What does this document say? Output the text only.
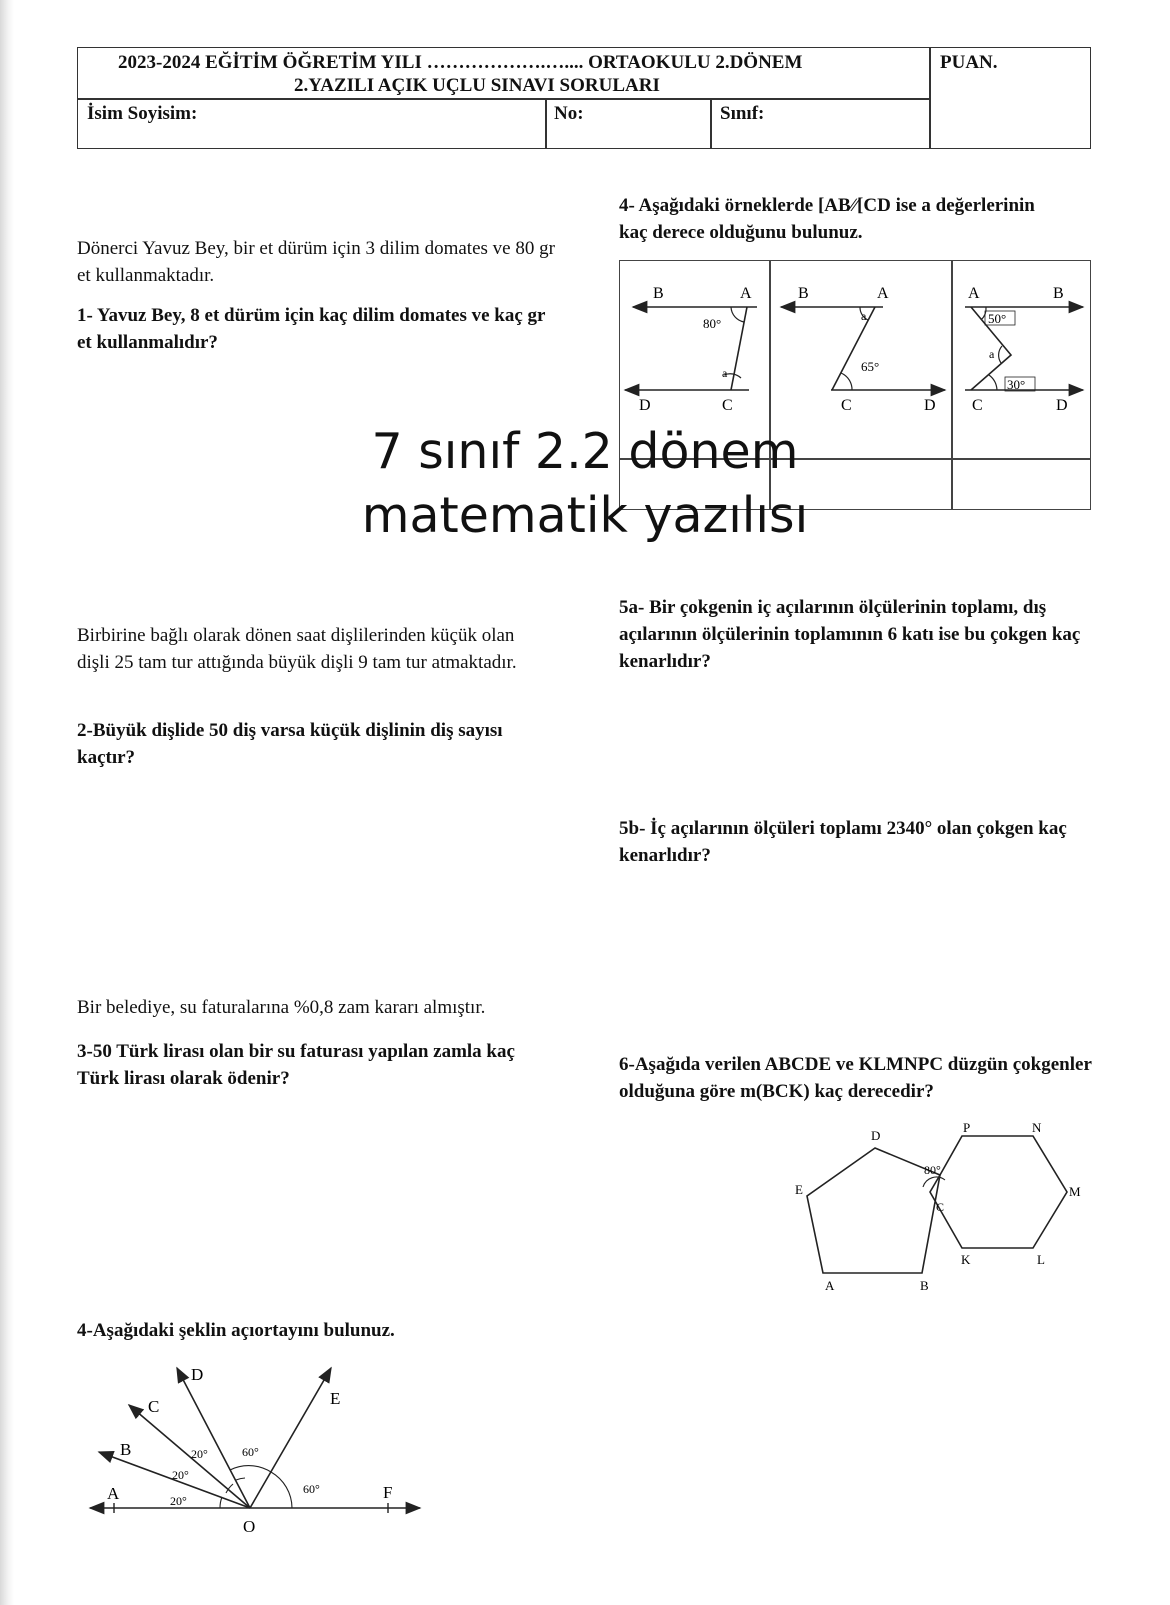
2023-2024 EĞİTİM ÖĞRETİM YILI ……………….….... ORTAOKULU 2.DÖNEM
2.YAZILI AÇIK UÇLU SINAVI SORULARI
PUAN.
İsim Soyisim:	No:	Sınıf:
Dönerci Yavuz Bey, bir et dürüm için 3 dilim domates ve 80 gr et kullanmaktadır.
1- Yavuz Bey, 8 et dürüm için kaç dilim domates ve kaç gr et kullanmalıdır?
Birbirine bağlı olarak dönen saat dişlilerinden küçük olan dişli 25 tam tur attığında büyük dişli 9 tam tur atmaktadır.
2-Büyük dişlide 50 diş varsa küçük dişlinin diş sayısı kaçtır?
Bir belediye, su faturalarına %0,8 zam kararı almıştır.
3-50 Türk lirası olan bir su faturası yapılan zamla kaç Türk lirası olarak ödenir?
4-Aşağıdaki şeklin açıortayını bulunuz.
4- Aşağıdaki örneklerde [AB∕∕[CD ise a değerlerinin kaç derece olduğunu bulunuz.
5a- Bir çokgenin iç açılarının ölçülerinin toplamı, dış açılarının ölçülerinin toplamının 6 katı ise bu çokgen kaç kenarlıdır?
5b- İç açılarının ölçüleri toplamı 2340° olan çokgen kaç kenarlıdır?
6-Aşağıda verilen ABCDE ve KLMNPC düzgün çokgenler olduğuna göre m(BCK) kaç derecedir?
B	A
D	C
80°
a
B	A
C	D
65°
a
A	B
C	D
50°
a
30°
7 sınıf 2.2 dönem
matematik yazılısı
D
P	N
E	M
C
80°
K	L
A	B
A
B
C
D
E
F
O
20°
20°
20°	60°
60°
